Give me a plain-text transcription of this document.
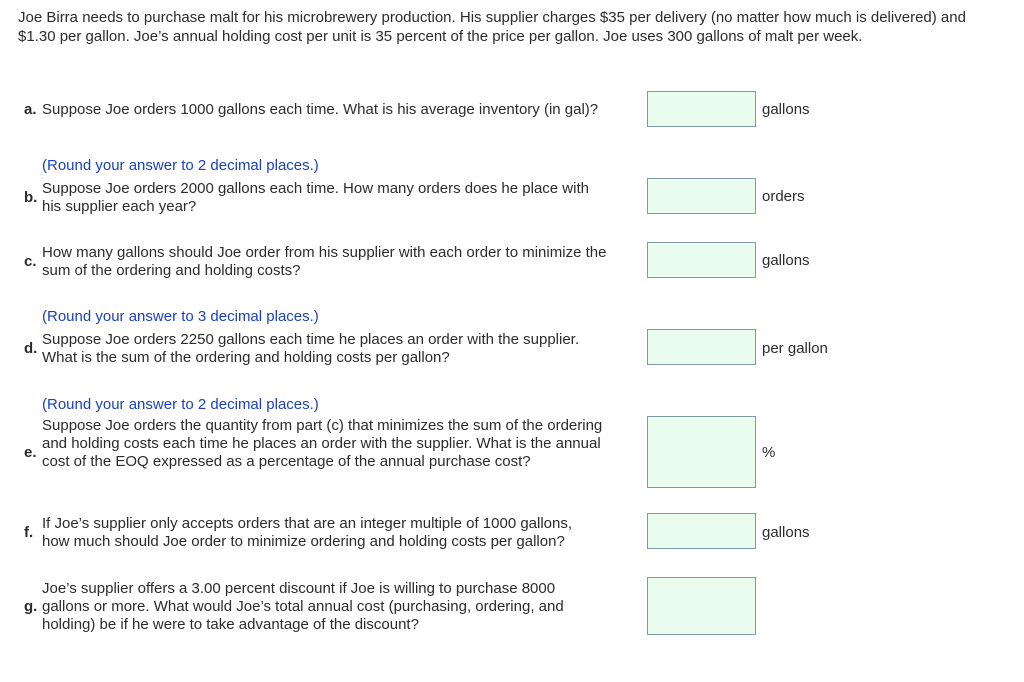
Joe Birra needs to purchase malt for his microbrewery production. His supplier charges $35 per delivery (no matter how much is delivered) and $1.30 per gallon. Joe’s annual holding cost per unit is 35 percent of the price per gallon. Joe uses 300 gallons of malt per week.
a. Suppose Joe orders 1000 gallons each time. What is his average inventory (in gal)?	gallons
(Round your answer to 2 decimal places.)
b.
Suppose Joe orders 2000 gallons each time. How many orders does he place with his supplier each year?
orders
c.
How many gallons should Joe order from his supplier with each order to minimize the sum of the ordering and holding costs?
gallons
(Round your answer to 3 decimal places.)
d.
Suppose Joe orders 2250 gallons each time he places an order with the supplier. What is the sum of the ordering and holding costs per gallon?
per gallon
(Round your answer to 2 decimal places.)
e.
Suppose Joe orders the quantity from part (c) that minimizes the sum of the ordering and holding costs each time he places an order with the supplier. What is the annual cost of the EOQ expressed as a percentage of the annual purchase cost?
%
f.
If Joe’s supplier only accepts orders that are an integer multiple of 1000 gallons, how much should Joe order to minimize ordering and holding costs per gallon?
gallons
g.
Joe’s supplier offers a 3.00 percent discount if Joe is willing to purchase 8000 gallons or more. What would Joe’s total annual cost (purchasing, ordering, and holding) be if he were to take advantage of the discount?
